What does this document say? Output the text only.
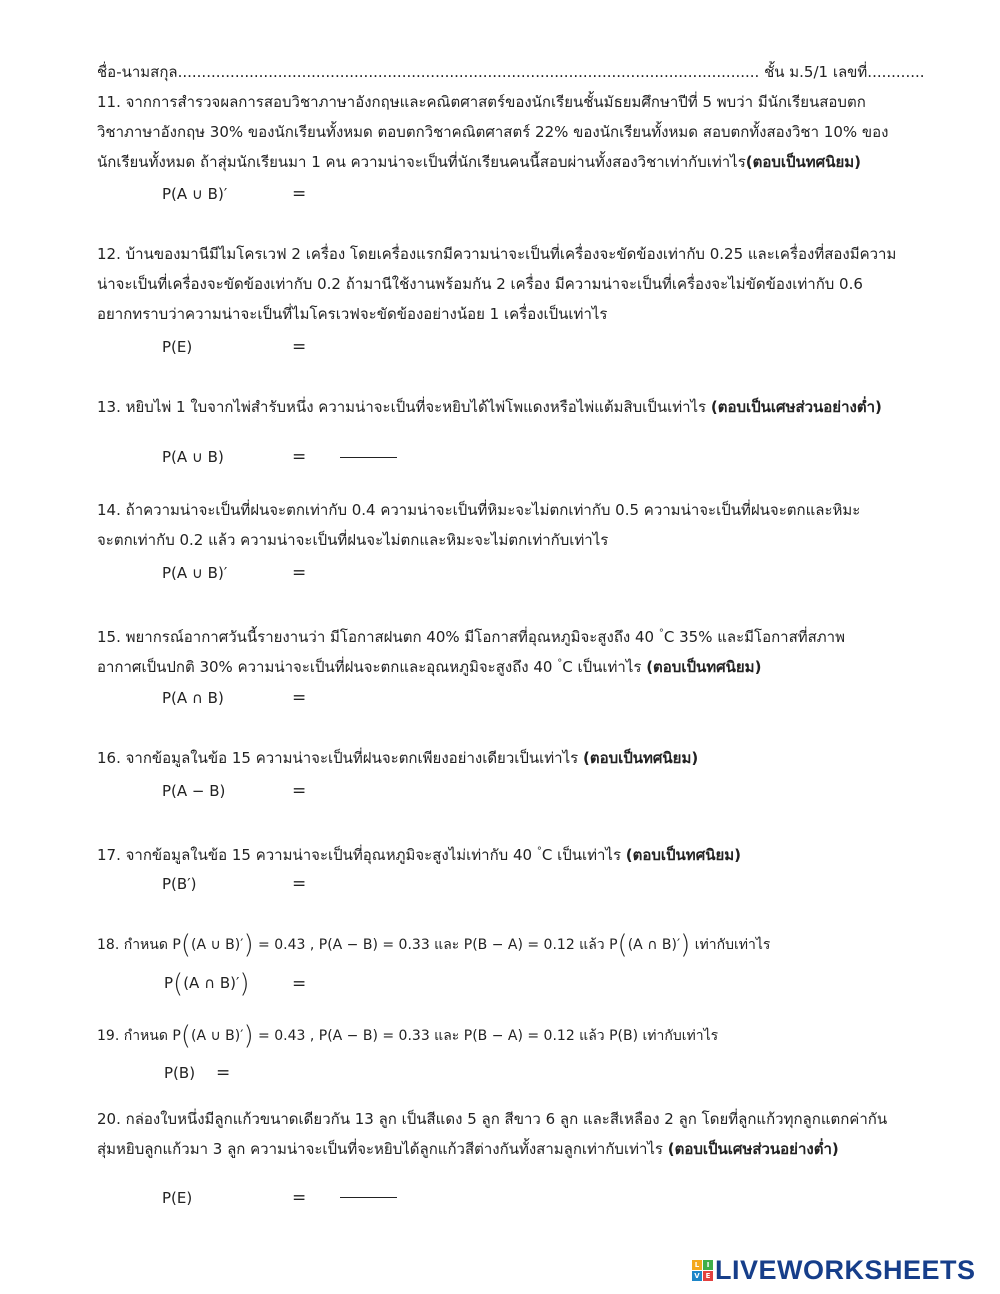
ชื่อ-นามสกุล.......................................................................................................................... ชั้น ม.5/1 เลขที่............
11. จากการสำรวจผลการสอบวิชาภาษาอังกฤษและคณิตศาสตร์ของนักเรียนชั้นมัธยมศึกษาปีที่ 5 พบว่า มีนักเรียนสอบตก
วิชาภาษาอังกฤษ 30% ของนักเรียนทั้งหมด ตอบตกวิชาคณิตศาสตร์ 22% ของนักเรียนทั้งหมด สอบตกทั้งสองวิชา 10% ของ
นักเรียนทั้งหมด ถ้าสุ่มนักเรียนมา 1 คน ความน่าจะเป็นที่นักเรียนคนนี้สอบผ่านทั้งสองวิชาเท่ากับเท่าไร(ตอบเป็นทศนิยม)
P(A ∪ B)′	=
12. บ้านของมานีมีไมโครเวฟ 2 เครื่อง โดยเครื่องแรกมีความน่าจะเป็นที่เครื่องจะขัดข้องเท่ากับ 0.25 และเครื่องที่สองมีความ
น่าจะเป็นที่เครื่องจะขัดข้องเท่ากับ 0.2 ถ้ามานีใช้งานพร้อมกัน 2 เครื่อง มีความน่าจะเป็นที่เครื่องจะไม่ขัดข้องเท่ากับ 0.6
อยากทราบว่าความน่าจะเป็นที่ไมโครเวฟจะขัดข้องอย่างน้อย 1 เครื่องเป็นเท่าไร
P(E)	=
13. หยิบไพ่ 1 ใบจากไพ่สำรับหนึ่ง ความน่าจะเป็นที่จะหยิบได้ไพ่โพแดงหรือไพ่แต้มสิบเป็นเท่าไร (ตอบเป็นเศษส่วนอย่างต่ำ)
P(A ∪ B)	=
14. ถ้าความน่าจะเป็นที่ฝนจะตกเท่ากับ 0.4 ความน่าจะเป็นที่หิมะจะไม่ตกเท่ากับ 0.5 ความน่าจะเป็นที่ฝนจะตกและหิมะ
จะตกเท่ากับ 0.2 แล้ว ความน่าจะเป็นที่ฝนจะไม่ตกและหิมะจะไม่ตกเท่ากับเท่าไร
P(A ∪ B)′	=
15. พยากรณ์อากาศวันนี้รายงานว่า มีโอกาสฝนตก 40% มีโอกาสที่อุณหภูมิจะสูงถึง 40 °C 35% และมีโอกาสที่สภาพ
อากาศเป็นปกติ 30% ความน่าจะเป็นที่ฝนจะตกและอุณหภูมิจะสูงถึง 40 °C เป็นเท่าไร (ตอบเป็นทศนิยม)
P(A ∩ B)	=
16. จากข้อมูลในข้อ 15 ความน่าจะเป็นที่ฝนจะตกเพียงอย่างเดียวเป็นเท่าไร (ตอบเป็นทศนิยม)
P(A − B)	=
17. จากข้อมูลในข้อ 15 ความน่าจะเป็นที่อุณหภูมิจะสูงไม่เท่ากับ 40 °C เป็นเท่าไร (ตอบเป็นทศนิยม)
P(B′)	=
18. กำหนด P((A ∪ B)′) = 0.43 , P(A − B) = 0.33 และ P(B − A) = 0.12 แล้ว P((A ∩ B)′) เท่ากับเท่าไร
P((A ∩ B)′) =
19. กำหนด P((A ∪ B)′) = 0.43 , P(A − B) = 0.33 และ P(B − A) = 0.12 แล้ว P(B) เท่ากับเท่าไร
P(B) =
20. กล่องใบหนึ่งมีลูกแก้วขนาดเดียวกัน 13 ลูก เป็นสีแดง 5 ลูก สีขาว 6 ลูก และสีเหลือง 2 ลูก โดยที่ลูกแก้วทุกลูกแตกค่ากัน
สุ่มหยิบลูกแก้วมา 3 ลูก ความน่าจะเป็นที่จะหยิบได้ลูกแก้วสีต่างกันทั้งสามลูกเท่ากับเท่าไร (ตอบเป็นเศษส่วนอย่างต่ำ)
P(E)	=
L	I
V E LIVEWORKSHEETS
